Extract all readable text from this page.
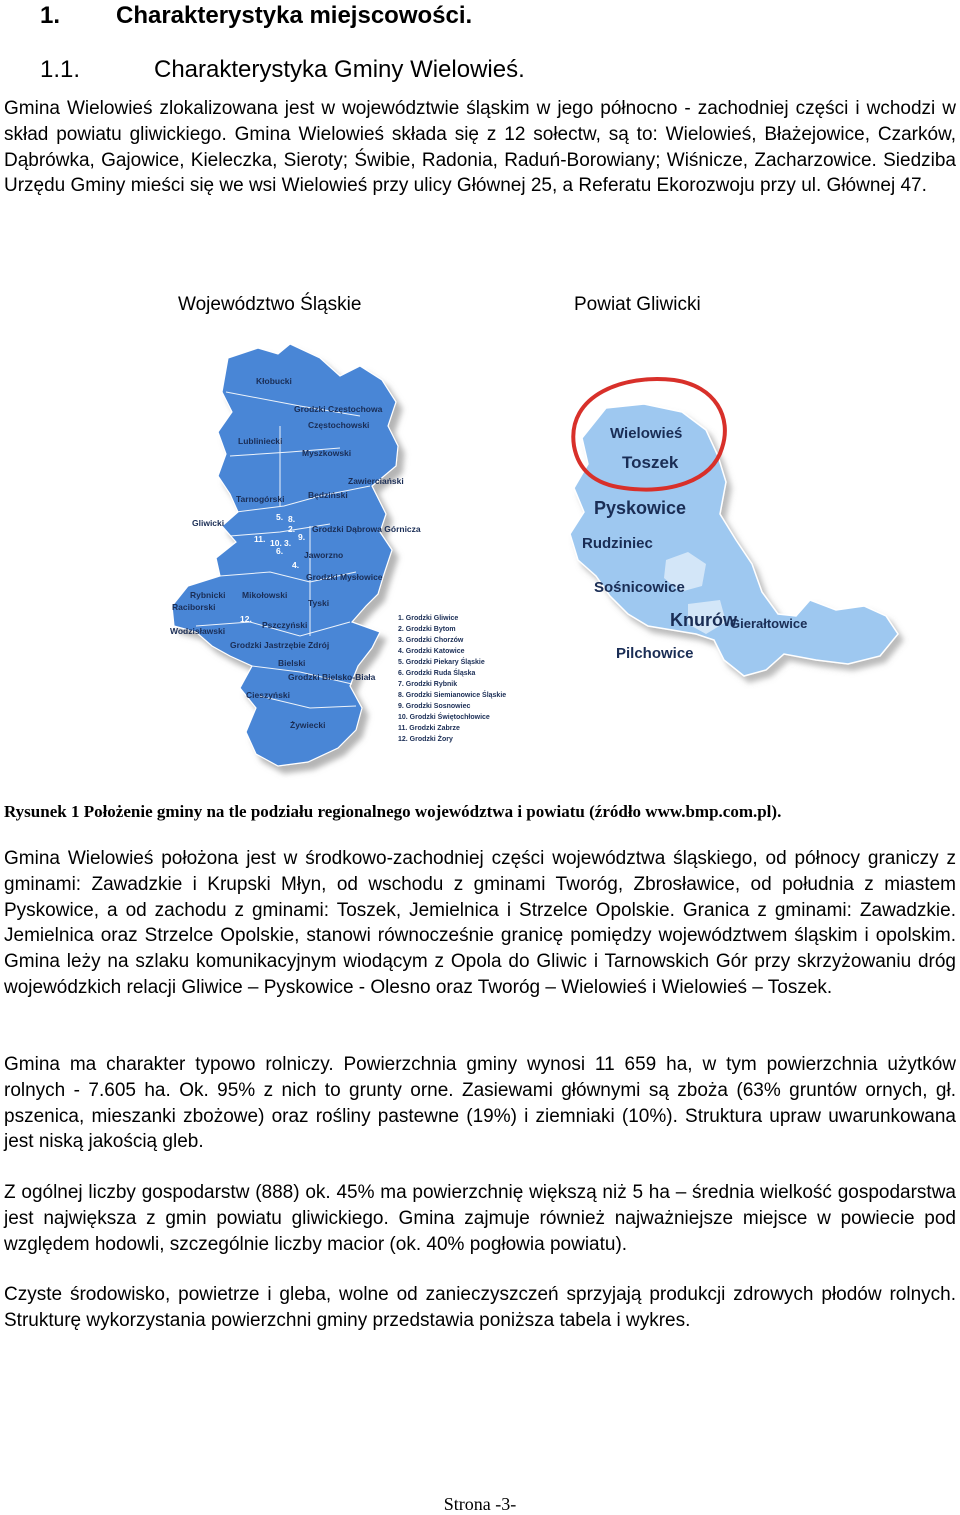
1. Charakterystyka miejscowości.
1.1.	Charakterystyka Gminy Wielowieś.

Gmina Wielowieś zlokalizowana jest w województwie śląskim w jego północno - zachodniej części i wchodzi w skład powiatu gliwickiego. Gmina Wielowieś składa się z 12 sołectw, są to: Wielowieś, Błażejowice, Czarków, Dąbrówka, Gajowice, Kieleczka, Sieroty; Świbie, Radonia, Raduń-Borowiany; Wiśnicze, Zacharzowice. Siedziba Urzędu Gminy mieści się we wsi Wielowieś przy ulicy Głównej 25, a Referatu Ekorozwoju przy ul. Głównej 47.

Województwo Śląskie	Powiat Gliwicki
Kłobucki
Grodzki Częstochowa
Częstochowski
Lubliniecki
Myszkowski
Zawierciański
Tarnogórski	Będziński
Gliwicki
Grodzki Dąbrowa Górnicza
Jaworzno
Grodzki Mysłowice
Raciborski
Rybnicki Mikołowski
Tyski
Wodzisławski
Grodzki Jastrzębie Zdrój
Pszczyński
Bielski
Grodzki Bielsko-Biała
Cieszyński
Żywiecki
1.
2.
3.
4.
5.
6.
8.
9.
10.
11.
12.	1. Grodzki Gliwice
2. Grodzki Bytom
3. Grodzki Chorzów
4. Grodzki Katowice
5. Grodzki Piekary Śląskie
6. Grodzki Ruda Śląska
7. Grodzki Rybnik
8. Grodzki Siemianowice Śląskie
9. Grodzki Sosnowiec
10. Grodzki Świętochłowice
11. Grodzki Zabrze
12. Grodzki Żory
Wielowieś
Toszek
Pyskowice
Rudziniec
Sośnicowice
Knurów
Gierałtowice
Pilchowice

Rysunek 1 Położenie gminy na tle podziału regionalnego województwa i powiatu (źródło www.bmp.com.pl).

Gmina Wielowieś położona jest w środkowo-zachodniej części województwa śląskiego, od północy graniczy z gminami: Zawadzkie i Krupski Młyn, od wschodu z gminami Tworóg, Zbrosławice, od południa z miastem Pyskowice, a od zachodu z gminami: Toszek, Jemielnica i Strzelce Opolskie. Granica z gminami: Zawadzkie. Jemielnica oraz Strzelce Opolskie, stanowi równocześnie granicę pomiędzy województwem śląskim i opolskim. Gmina leży na szlaku komunikacyjnym wiodącym z Opola do Gliwic i Tarnowskich Gór przy skrzyżowaniu dróg wojewódzkich relacji Gliwice – Pyskowice - Olesno oraz Tworóg – Wielowieś i Wielowieś – Toszek.

Gmina ma charakter typowo rolniczy. Powierzchnia gminy wynosi 11 659 ha, w tym powierzchnia użytków rolnych - 7.605 ha. Ok. 95% z nich to grunty orne. Zasiewami głównymi są zboża (63% gruntów ornych, gł. pszenica, mieszanki zbożowe) oraz rośliny pastewne (19%) i ziemniaki (10%). Struktura upraw uwarunkowana jest niską jakością gleb.

Z ogólnej liczby gospodarstw (888) ok. 45% ma powierzchnię większą niż 5 ha – średnia wielkość gospodarstwa jest największa z gmin powiatu gliwickiego. Gmina zajmuje również najważniejsze miejsce w powiecie pod względem hodowli, szczególnie liczby macior (ok. 40% pogłowia powiatu).

Czyste środowisko, powietrze i gleba, wolne od zanieczyszczeń sprzyjają produkcji zdrowych płodów rolnych. Strukturę wykorzystania powierzchni gminy przedstawia poniższa tabela i wykres.

Strona -3-
